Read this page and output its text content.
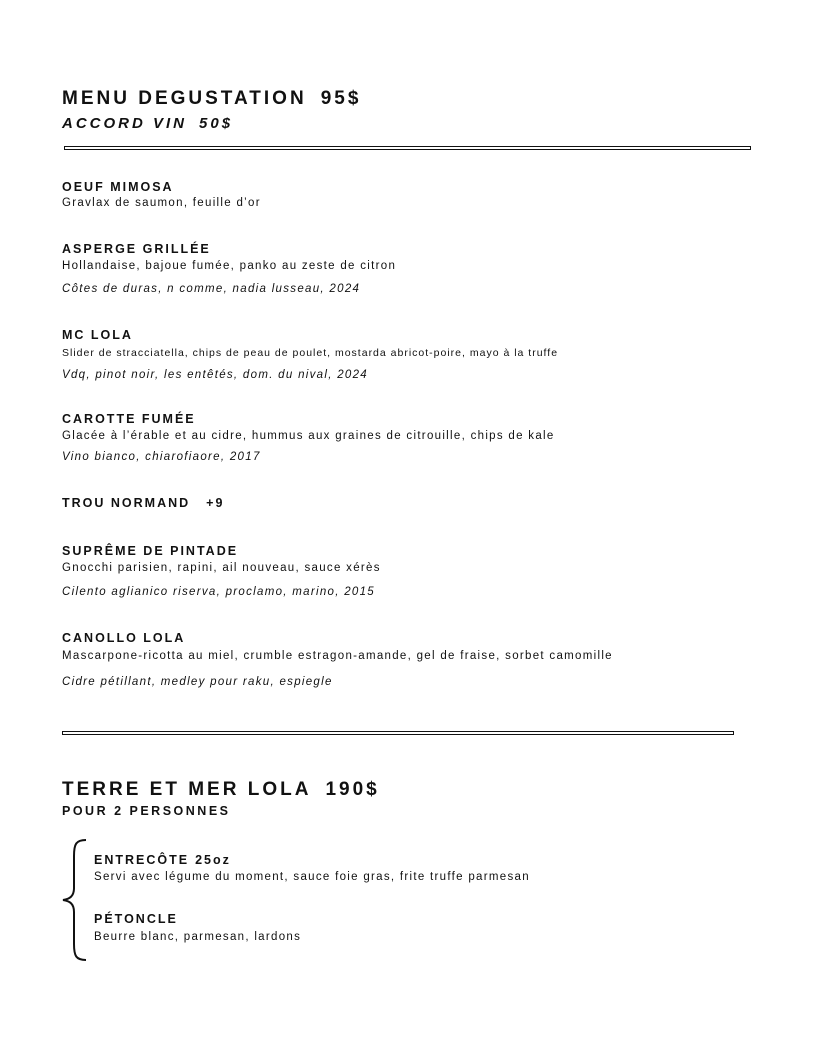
MENU DEGUSTATION 95$
ACCORD VIN 50$
OEUF MIMOSA
Gravlax de saumon, feuille d’or
ASPERGE GRILLÉE
Hollandaise, bajoue fumée, panko au zeste de citron
Côtes de duras, n comme, nadia lusseau, 2024
MC LOLA
Slider de stracciatella, chips de peau de poulet, mostarda abricot-poire, mayo à la truffe
Vdq, pinot noir, les entêtés, dom. du nival, 2024
CAROTTE FUMÉE
Glacée à l’érable et au cidre, hummus aux graines de citrouille, chips de kale
Vino bianco, chiarofiaore, 2017
TROU NORMAND +9
SUPRÊME DE PINTADE
Gnocchi parisien, rapini, ail nouveau, sauce xérès
Cilento aglianico riserva, proclamo, marino, 2015
CANOLLO LOLA
Mascarpone-ricotta au miel, crumble estragon-amande, gel de fraise, sorbet camomille
Cidre pétillant, medley pour raku, espiegle
TERRE ET MER LOLA 190$
POUR 2 PERSONNES
ENTRECÔTE 25oz
Servi avec légume du moment, sauce foie gras, frite truffe parmesan
PÉTONCLE
Beurre blanc, parmesan, lardons
